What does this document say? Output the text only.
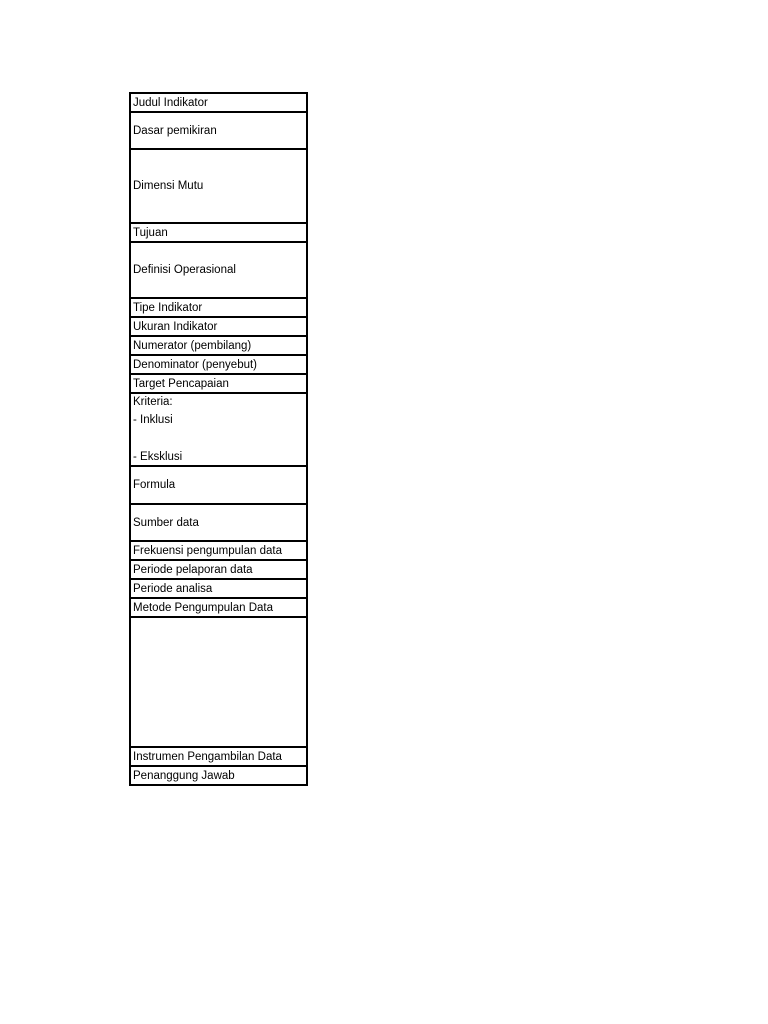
Judul Indikator
Dasar pemikiran
Dimensi Mutu
Tujuan
Definisi Operasional
Tipe Indikator
Ukuran Indikator
Numerator (pembilang)
Denominator (penyebut)
Target Pencapaian
Kriteria:
- Inklusi
- Eksklusi
Formula
Sumber data
Frekuensi pengumpulan data
Periode pelaporan data
Periode analisa
Metode Pengumpulan Data
Instrumen Pengambilan Data
Penanggung Jawab
